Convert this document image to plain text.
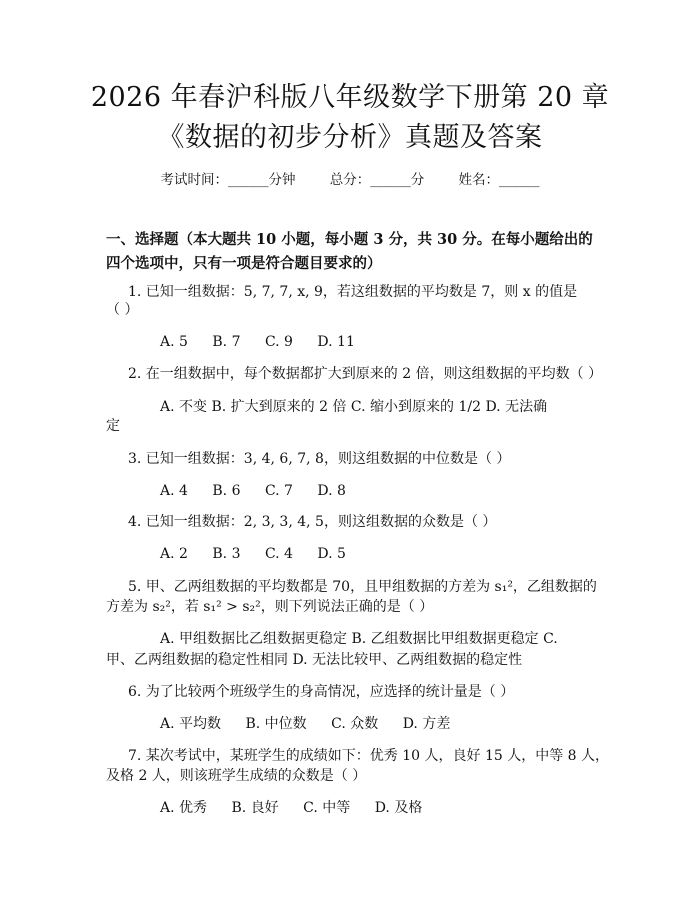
2026 年春沪科版八年级数学下册第 20 章
《数据的初步分析》真题及答案
考试时间：______分钟	总分：______分	姓名：______
一、选择题（本大题共 10 小题，每小题 3 分，共 30 分。在每小题给出的四个选项中，只有一项是符合题目要求的）
1. 已知一组数据：5, 7, 7, x, 9，若这组数据的平均数是 7，则 x 的值是
（ ）
A. 5 B. 7 C. 9 D. 11
2. 在一组数据中，每个数据都扩大到原来的 2 倍，则这组数据的平均数（ ）
A. 不变 B. 扩大到原来的 2 倍 C. 缩小到原来的 1/2 D. 无法确
定
3. 已知一组数据：3, 4, 6, 7, 8，则这组数据的中位数是（ ）
A. 4 B. 6 C. 7 D. 8
4. 已知一组数据：2, 3, 3, 4, 5，则这组数据的众数是（ ）
A. 2 B. 3 C. 4 D. 5
5. 甲、乙两组数据的平均数都是 70，且甲组数据的方差为 s₁²，乙组数据的
方差为 s₂²，若 s₁² > s₂²，则下列说法正确的是（ ）
A. 甲组数据比乙组数据更稳定 B. 乙组数据比甲组数据更稳定 C.
甲、乙两组数据的稳定性相同 D. 无法比较甲、乙两组数据的稳定性
6. 为了比较两个班级学生的身高情况，应选择的统计量是（ ）
A. 平均数 B. 中位数 C. 众数 D. 方差
7. 某次考试中，某班学生的成绩如下：优秀 10 人，良好 15 人，中等 8 人，
及格 2 人，则该班学生成绩的众数是（ ）
A. 优秀 B. 良好 C. 中等 D. 及格
